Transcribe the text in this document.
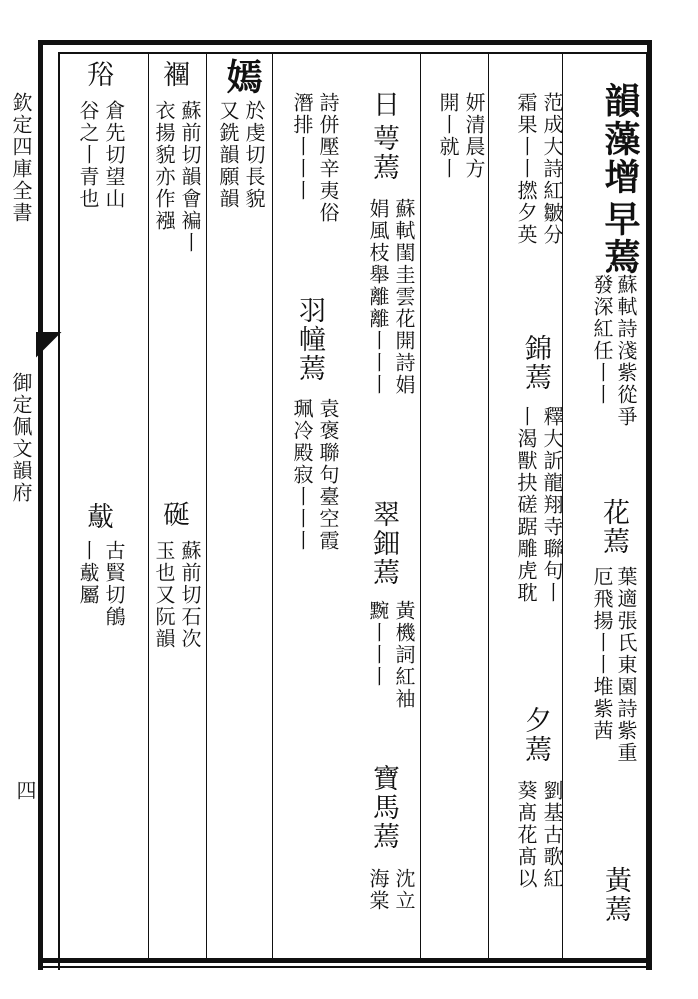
欽定四庫全書
御定佩文韻府
四
韻藻增
早蔫
蘇軾詩淺紫從爭
發深紅任丨丨
花蔫
葉適張氏東園詩紫重
厄飛揚丨丨堆紫茜
黃蔫
范成大詩紅皺分
霜果丨丨撚夕英
錦蔫
釋大訢龍翔寺聯句丨
丨渴獸抉磋踞雕虎耽
夕蔫
劉基古歌紅
葵髙花髙以
妍清晨方
開丨就丨
日
萼蔫
蘇軾閨圭雲花開詩娟
娟風枝舉離離丨丨丨
翠鈿蔫
黃機詞紅袖
黦丨丨丨
寶馬蔫
沈立
海棠
詩併壓辛夷俗
潛排丨丨丨
羽幢蔫
袁褒聯句臺空霞
珮冷殿寂丨丨丨
嫣
於虔切長貌
又銑韻願韻
䙟
蘇前切韻會褊丨
衣揚貌亦作襁
硟
蘇前切石次
玉也又阮韻
谸
倉先切望山
谷之丨青也
䳒
古賢切䳌
丨䳒屬
